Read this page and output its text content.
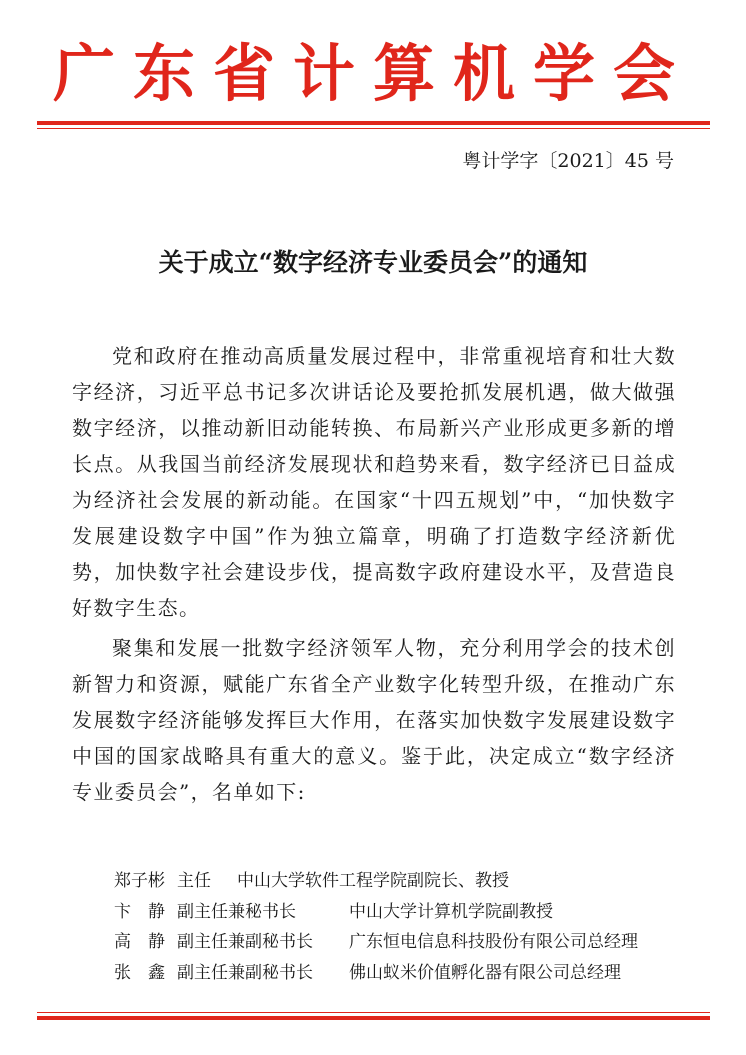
广东省计算机学会
粤计学字〔2021〕45 号
关于成立“数字经济专业委员会”的通知

党和政府在推动高质量发展过程中，非常重视培育和壮大数字经济，习近平总书记多次讲话论及要抢抓发展机遇，做大做强数字经济，以推动新旧动能转换、布局新兴产业形成更多新的增长点。从我国当前经济发展现状和趋势来看，数字经济已日益成为经济社会发展的新动能。在国家“十四五规划”中，“加快数字发展建设数字中国”作为独立篇章，明确了打造数字经济新优势，加快数字社会建设步伐，提高数字政府建设水平，及营造良好数字生态。

聚集和发展一批数字经济领军人物，充分利用学会的技术创新智力和资源，赋能广东省全产业数字化转型升级，在推动广东发展数字经济能够发挥巨大作用，在落实加快数字发展建设数字中国的国家战略具有重大的意义。鉴于此，决定成立“数字经济专业委员会”，名单如下:

郑子彬 主任 中山大学软件工程学院副院长、教授
卞　静 副主任兼秘书长	中山大学计算机学院副教授
高　静 副主任兼副秘书长 广东恒电信息科技股份有限公司总经理
张　鑫 副主任兼副秘书长 佛山蚁米价值孵化器有限公司总经理
